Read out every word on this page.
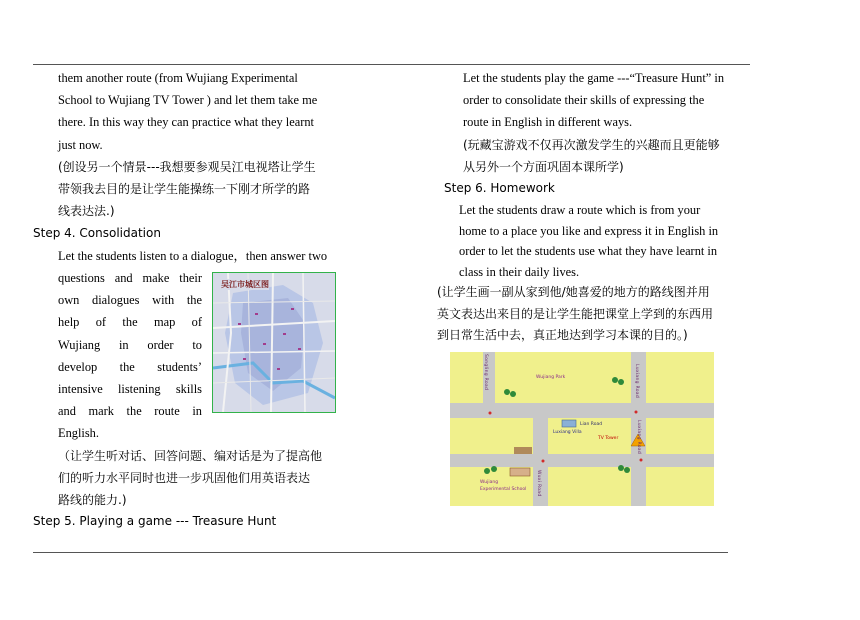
them another route (from Wujiang Experimental

School to Wujiang TV Tower ) and let them take me

there. In this way they can practice what they learnt

just now.

(创设另一个情景---我想要参观吴江电视塔让学生

带领我去目的是让学生能操练一下刚才所学的路

线表达法.)

Step 4. Consolidation
Let the students listen to a dialogue，then answer two

questions and make their

own dialogues with the

help of the map of

Wujiang in order to

develop the students’

intensive listening skills

and mark the route in

English.

吴江市城区图

（让学生听对话、回答问题、编对话是为了提高他

们的听力水平同时也进一步巩固他们用英语表达

路线的能力.)

Step 5. Playing a game --- Treasure Hunt

Let the students play the game ---“Treasure Hunt” in

order to consolidate their skills of expressing the

route in English in different ways.

(玩藏宝游戏不仅再次激发学生的兴趣而且更能够

从另外一个方面巩固本课所学)

Step 6. Homework

Let the students draw a route which is from your

home to a place you like and express it in English in

order to let the students use what they have learnt in

class in their daily lives.

(让学生画一副从家到他/她喜爱的地方的路线图并用

英文表达出来目的是让学生能把课堂上学到的东西用

到日常生活中去，真正地达到学习本课的目的。)

Wujiang Park
Lian Road
Luxiang Villa
TV Tower
Wujiang
Experimental School
Songling Road	Luxiang Road
Luxiang Road
Wuxi Road
